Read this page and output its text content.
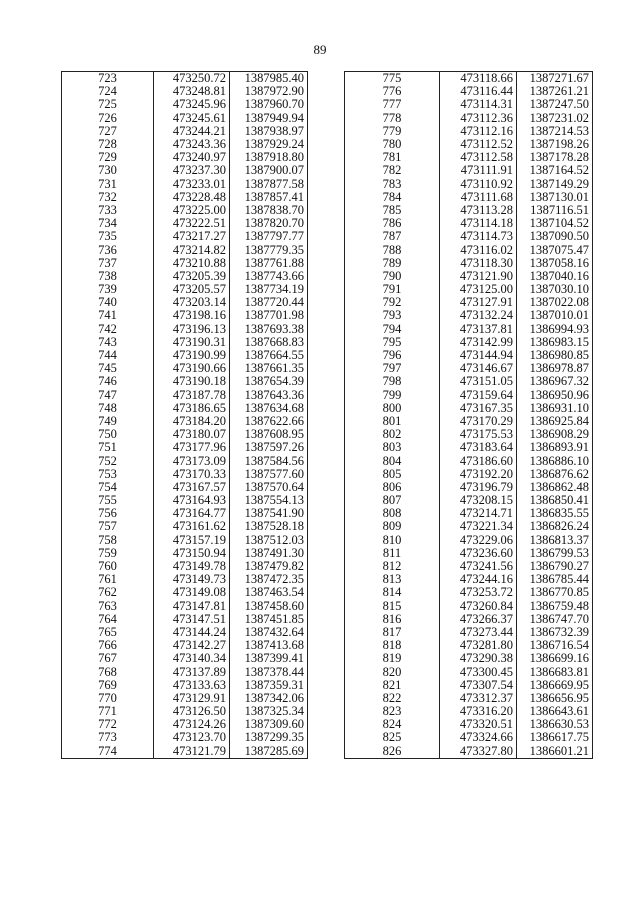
89
723	473250.72	1387985.40
724	473248.81	1387972.90
725	473245.96	1387960.70
726	473245.61	1387949.94
727	473244.21	1387938.97
728	473243.36	1387929.24
729	473240.97	1387918.80
730	473237.30	1387900.07
731	473233.01	1387877.58
732	473228.48	1387857.41
733	473225.00	1387838.70
734	473222.51	1387820.70
735	473217.27	1387797.77
736	473214.82	1387779.35
737	473210.88	1387761.88
738	473205.39	1387743.66
739	473205.57	1387734.19
740	473203.14	1387720.44
741	473198.16	1387701.98
742	473196.13	1387693.38
743	473190.31	1387668.83
744	473190.99	1387664.55
745	473190.66	1387661.35
746	473190.18	1387654.39
747	473187.78	1387643.36
748	473186.65	1387634.68
749	473184.20	1387622.66
750	473180.07	1387608.95
751	473177.96	1387597.26
752	473173.09	1387584.56
753	473170.33	1387577.60
754	473167.57	1387570.64
755	473164.93	1387554.13
756	473164.77	1387541.90
757	473161.62	1387528.18
758	473157.19	1387512.03
759	473150.94	1387491.30
760	473149.78	1387479.82
761	473149.73	1387472.35
762	473149.08	1387463.54
763	473147.81	1387458.60
764	473147.51	1387451.85
765	473144.24	1387432.64
766	473142.27	1387413.68
767	473140.34	1387399.41
768	473137.89	1387378.44
769	473133.63	1387359.31
770	473129.91	1387342.06
771	473126.50	1387325.34
772	473124.26	1387309.60
773	473123.70	1387299.35
774	473121.79	1387285.69
775	473118.66	1387271.67
776	473116.44	1387261.21
777	473114.31	1387247.50
778	473112.36	1387231.02
779	473112.16	1387214.53
780	473112.52	1387198.26
781	473112.58	1387178.28
782	473111.91	1387164.52
783	473110.92	1387149.29
784	473111.68	1387130.01
785	473113.28	1387116.51
786	473114.18	1387104.52
787	473114.73	1387090.50
788	473116.02	1387075.47
789	473118.30	1387058.16
790	473121.90	1387040.16
791	473125.00	1387030.10
792	473127.91	1387022.08
793	473132.24	1387010.01
794	473137.81	1386994.93
795	473142.99	1386983.15
796	473144.94	1386980.85
797	473146.67	1386978.87
798	473151.05	1386967.32
799	473159.64	1386950.96
800	473167.35	1386931.10
801	473170.29	1386925.84
802	473175.53	1386908.29
803	473183.64	1386893.91
804	473186.60	1386886.10
805	473192.20	1386876.62
806	473196.79	1386862.48
807	473208.15	1386850.41
808	473214.71	1386835.55
809	473221.34	1386826.24
810	473229.06	1386813.37
811	473236.60	1386799.53
812	473241.56	1386790.27
813	473244.16	1386785.44
814	473253.72	1386770.85
815	473260.84	1386759.48
816	473266.37	1386747.70
817	473273.44	1386732.39
818	473281.80	1386716.54
819	473290.38	1386699.16
820	473300.45	1386683.81
821	473307.54	1386669.95
822	473312.37	1386656.95
823	473316.20	1386643.61
824	473320.51	1386630.53
825	473324.66	1386617.75
826	473327.80	1386601.21
